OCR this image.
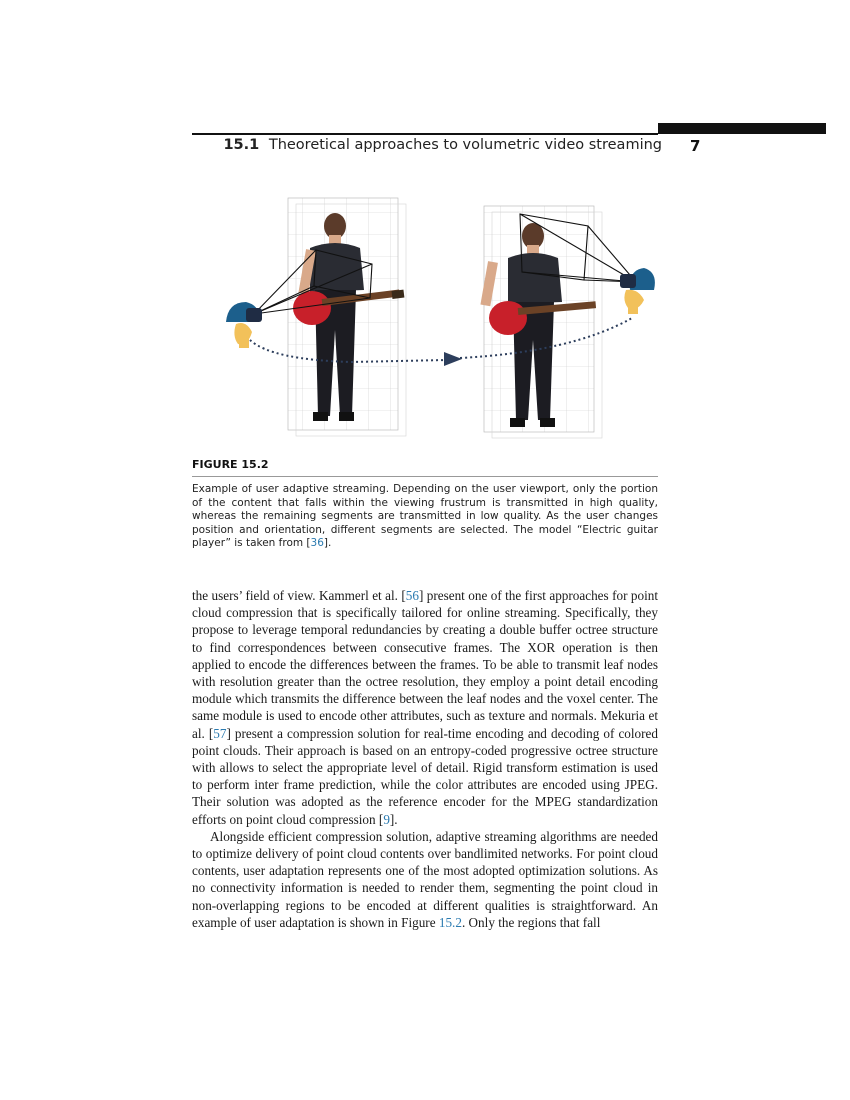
15.1 Theoretical approaches to volumetric video streaming 7
FIGURE 15.2
Example of user adaptive streaming. Depending on the user viewport, only the portion of the content that falls within the viewing frustrum is transmitted in high quality, whereas the remaining segments are transmitted in low quality. As the user changes position and orientation, different segments are selected. The model “Electric guitar player” is taken from [36].

the users’ field of view. Kammerl et al. [56] present one of the first approaches for point cloud compression that is specifically tailored for online streaming. Specifically, they propose to leverage temporal redundancies by creating a double buffer octree structure to find correspondences between consecutive frames. The XOR operation is then applied to encode the differences between the frames. To be able to transmit leaf nodes with resolution greater than the octree resolution, they employ a point detail encoding module which transmits the difference between the leaf nodes and the voxel center. The same module is used to encode other attributes, such as texture and normals. Mekuria et al. [57] present a compression solution for real-time encoding and decoding of colored point clouds. Their approach is based on an entropy-coded progressive octree structure with allows to select the appropriate level of detail. Rigid transform estimation is used to perform inter frame prediction, while the color attributes are encoded using JPEG. Their solution was adopted as the reference encoder for the MPEG standardization efforts on point cloud compression [9].

Alongside efficient compression solution, adaptive streaming algorithms are needed to optimize delivery of point cloud contents over bandlimited networks. For point cloud contents, user adaptation represents one of the most adopted optimization solutions. As no connectivity information is needed to render them, segmenting the point cloud in non-overlapping regions to be encoded at different qualities is straightforward. An example of user adaptation is shown in Figure 15.2. Only the regions that fall
